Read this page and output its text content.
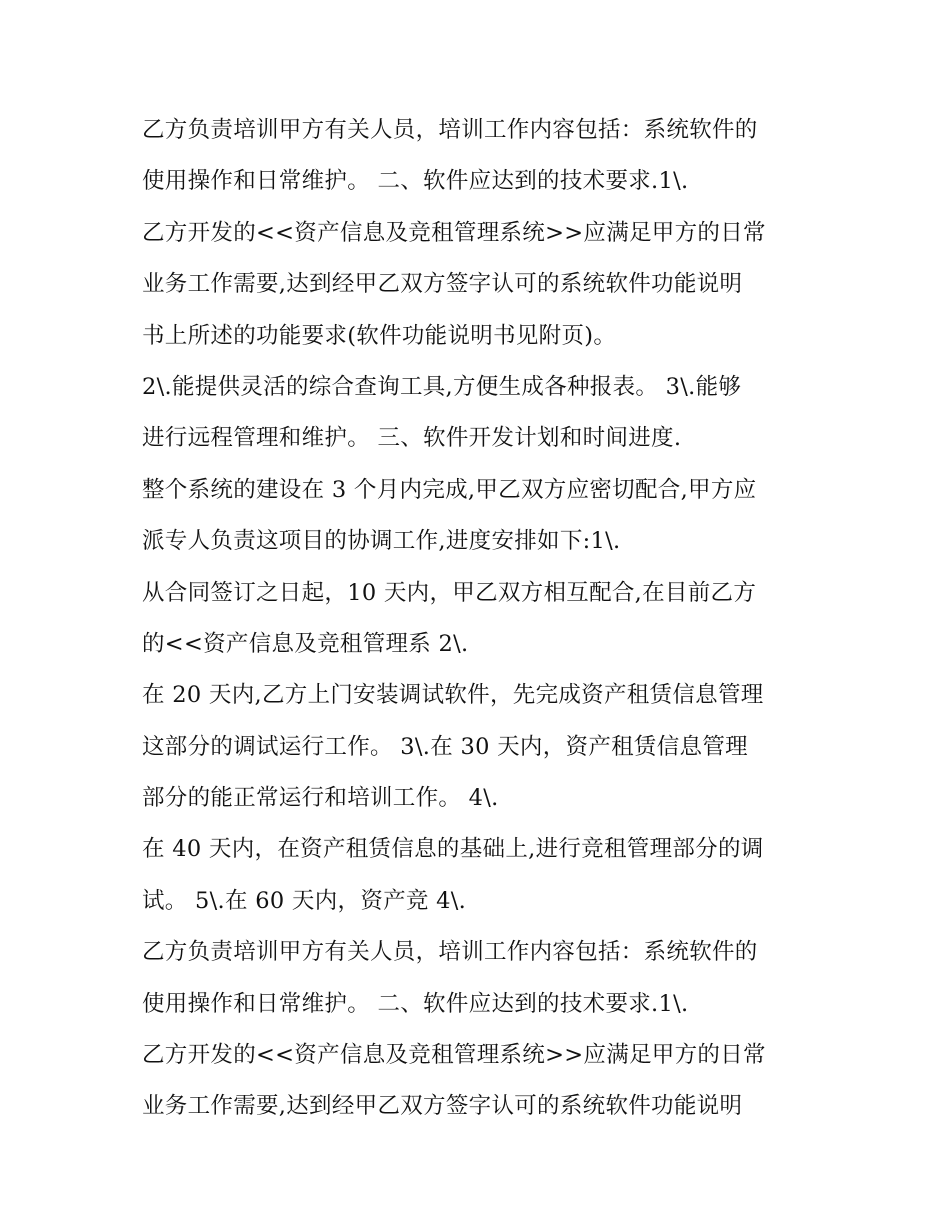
乙方负责培训甲方有关人员，培训工作内容包括：系统软件的
使用操作和日常维护。 二、软件应达到的技术要求.1\.
乙方开发的<<资产信息及竞租管理系统>>应满足甲方的日常
业务工作需要,达到经甲乙双方签字认可的系统软件功能说明
书上所述的功能要求(软件功能说明书见附页)。
2\.能提供灵活的综合查询工具,方便生成各种报表。 3\.能够
进行远程管理和维护。 三、软件开发计划和时间进度.
整个系统的建设在 3 个月内完成,甲乙双方应密切配合,甲方应
派专人负责这项目的协调工作,进度安排如下:1\.
从合同签订之日起，10 天内，甲乙双方相互配合,在目前乙方
的<<资产信息及竞租管理系 2\.
在 20 天内,乙方上门安装调试软件，先完成资产租赁信息管理
这部分的调试运行工作。 3\.在 30 天内，资产租赁信息管理
部分的能正常运行和培训工作。 4\.
在 40 天内，在资产租赁信息的基础上,进行竞租管理部分的调
试。 5\.在 60 天内，资产竞 4\.
乙方负责培训甲方有关人员，培训工作内容包括：系统软件的
使用操作和日常维护。 二、软件应达到的技术要求.1\.
乙方开发的<<资产信息及竞租管理系统>>应满足甲方的日常
业务工作需要,达到经甲乙双方签字认可的系统软件功能说明
